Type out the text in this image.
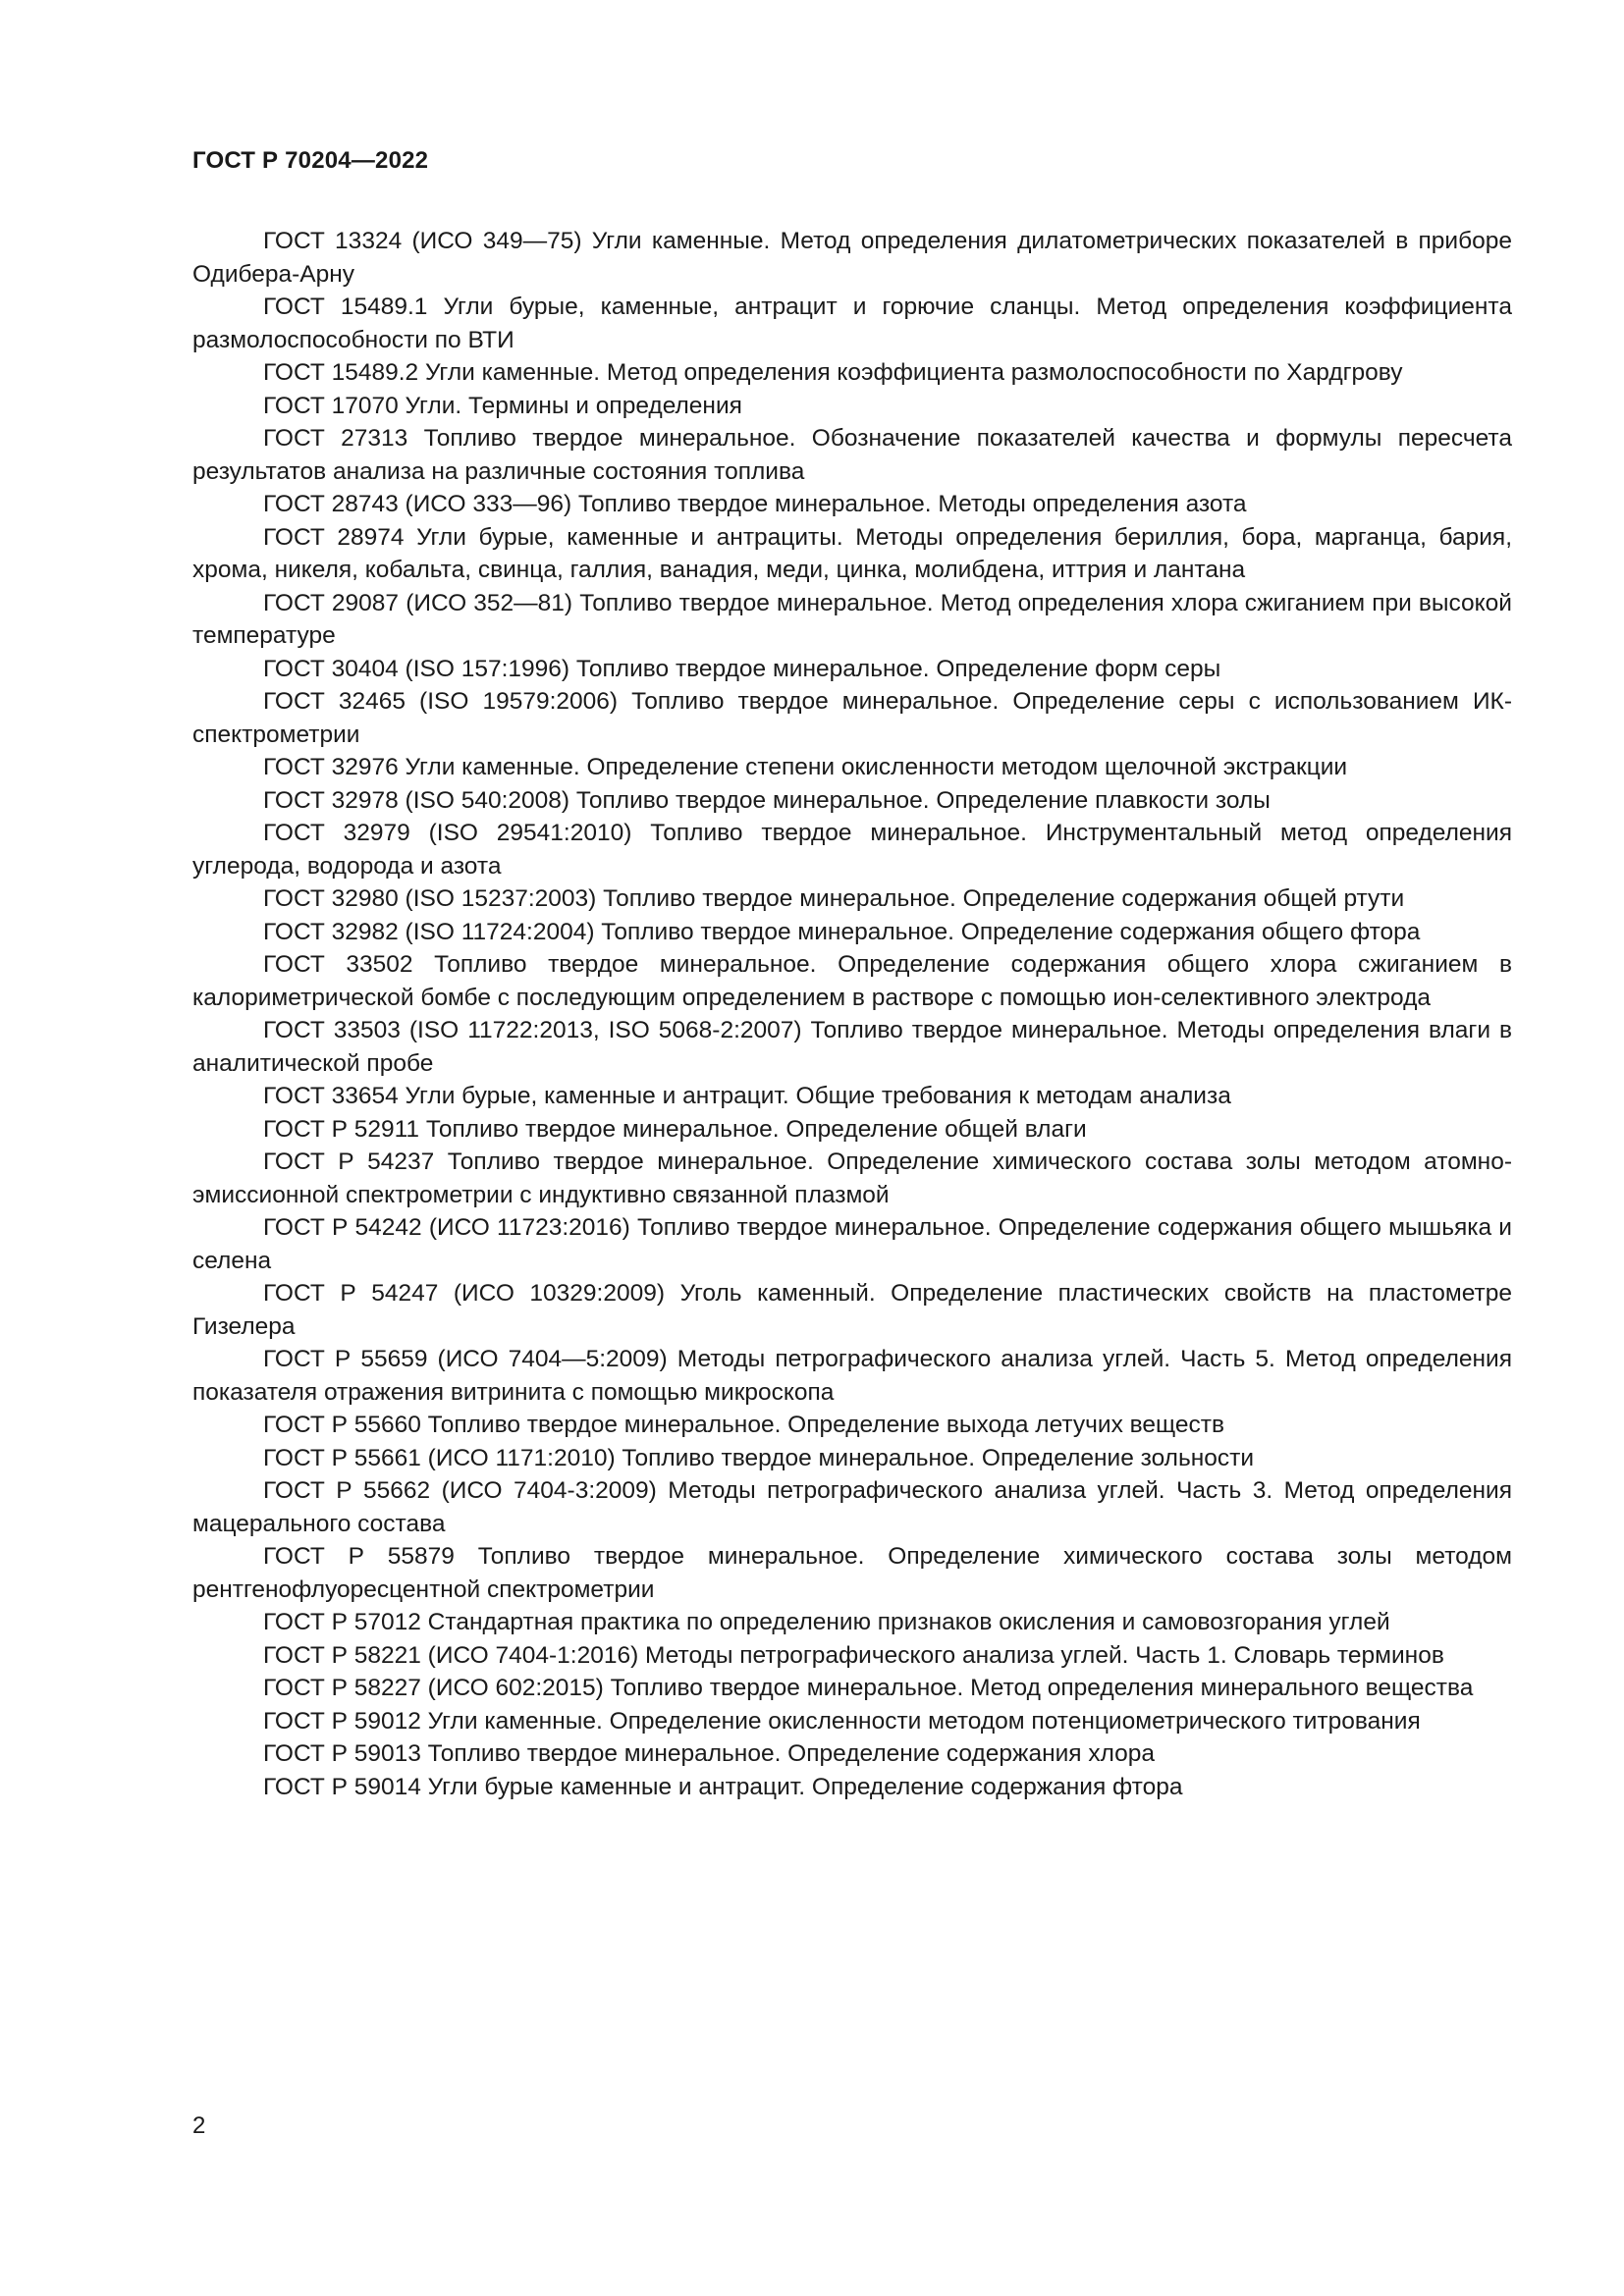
ГОСТ Р 70204—2022
ГОСТ 13324 (ИСО 349—75) Угли каменные. Метод определения дилатометрических показателей в приборе Одибера-Арну
ГОСТ 15489.1 Угли бурые, каменные, антрацит и горючие сланцы. Метод определения коэффициента размолоспособности по ВТИ
ГОСТ 15489.2 Угли каменные. Метод определения коэффициента размолоспособности по Хардгрову
ГОСТ 17070 Угли. Термины и определения
ГОСТ 27313 Топливо твердое минеральное. Обозначение показателей качества и формулы пересчета результатов анализа на различные состояния топлива
ГОСТ 28743 (ИСО 333—96) Топливо твердое минеральное. Методы определения азота
ГОСТ 28974 Угли бурые, каменные и антрациты. Методы определения бериллия, бора, марганца, бария, хрома, никеля, кобальта, свинца, галлия, ванадия, меди, цинка, молибдена, иттрия и лантана
ГОСТ 29087 (ИСО 352—81) Топливо твердое минеральное. Метод определения хлора сжиганием при высокой температуре
ГОСТ 30404 (ISO 157:1996) Топливо твердое минеральное. Определение форм серы
ГОСТ 32465 (ISO 19579:2006) Топливо твердое минеральное. Определение серы с использованием ИК-спектрометрии
ГОСТ 32976 Угли каменные. Определение степени окисленности методом щелочной экстракции
ГОСТ 32978 (ISO 540:2008) Топливо твердое минеральное. Определение плавкости золы
ГОСТ 32979 (ISO 29541:2010) Топливо твердое минеральное. Инструментальный метод определения углерода, водорода и азота
ГОСТ 32980 (ISO 15237:2003) Топливо твердое минеральное. Определение содержания общей ртути
ГОСТ 32982 (ISO 11724:2004) Топливо твердое минеральное. Определение содержания общего фтора
ГОСТ 33502 Топливо твердое минеральное. Определение содержания общего хлора сжиганием в калориметрической бомбе с последующим определением в растворе с помощью ион-селективного электрода
ГОСТ 33503 (ISO 11722:2013, ISO 5068-2:2007) Топливо твердое минеральное. Методы определения влаги в аналитической пробе
ГОСТ 33654 Угли бурые, каменные и антрацит. Общие требования к методам анализа
ГОСТ Р 52911 Топливо твердое минеральное. Определение общей влаги
ГОСТ Р 54237 Топливо твердое минеральное. Определение химического состава золы методом атомно-эмиссионной спектрометрии с индуктивно связанной плазмой
ГОСТ Р 54242 (ИСО 11723:2016) Топливо твердое минеральное. Определение содержания общего мышьяка и селена
ГОСТ Р 54247 (ИСО 10329:2009) Уголь каменный. Определение пластических свойств на пластометре Гизелера
ГОСТ Р 55659 (ИСО 7404—5:2009) Методы петрографического анализа углей. Часть 5. Метод определения показателя отражения витринита с помощью микроскопа
ГОСТ Р 55660 Топливо твердое минеральное. Определение выхода летучих веществ
ГОСТ Р 55661 (ИСО 1171:2010) Топливо твердое минеральное. Определение зольности
ГОСТ Р 55662 (ИСО 7404-3:2009) Методы петрографического анализа углей. Часть 3. Метод определения мацерального состава
ГОСТ Р 55879 Топливо твердое минеральное. Определение химического состава золы методом рентгенофлуоресцентной спектрометрии
ГОСТ Р 57012 Стандартная практика по определению признаков окисления и самовозгорания углей
ГОСТ Р 58221 (ИСО 7404-1:2016) Методы петрографического анализа углей. Часть 1. Словарь терминов
ГОСТ Р 58227 (ИСО 602:2015) Топливо твердое минеральное. Метод определения минерального вещества
ГОСТ Р 59012 Угли каменные. Определение окисленности методом потенциометрического титрования
ГОСТ Р 59013 Топливо твердое минеральное. Определение содержания хлора
ГОСТ Р 59014 Угли бурые каменные и антрацит. Определение содержания фтора
2
